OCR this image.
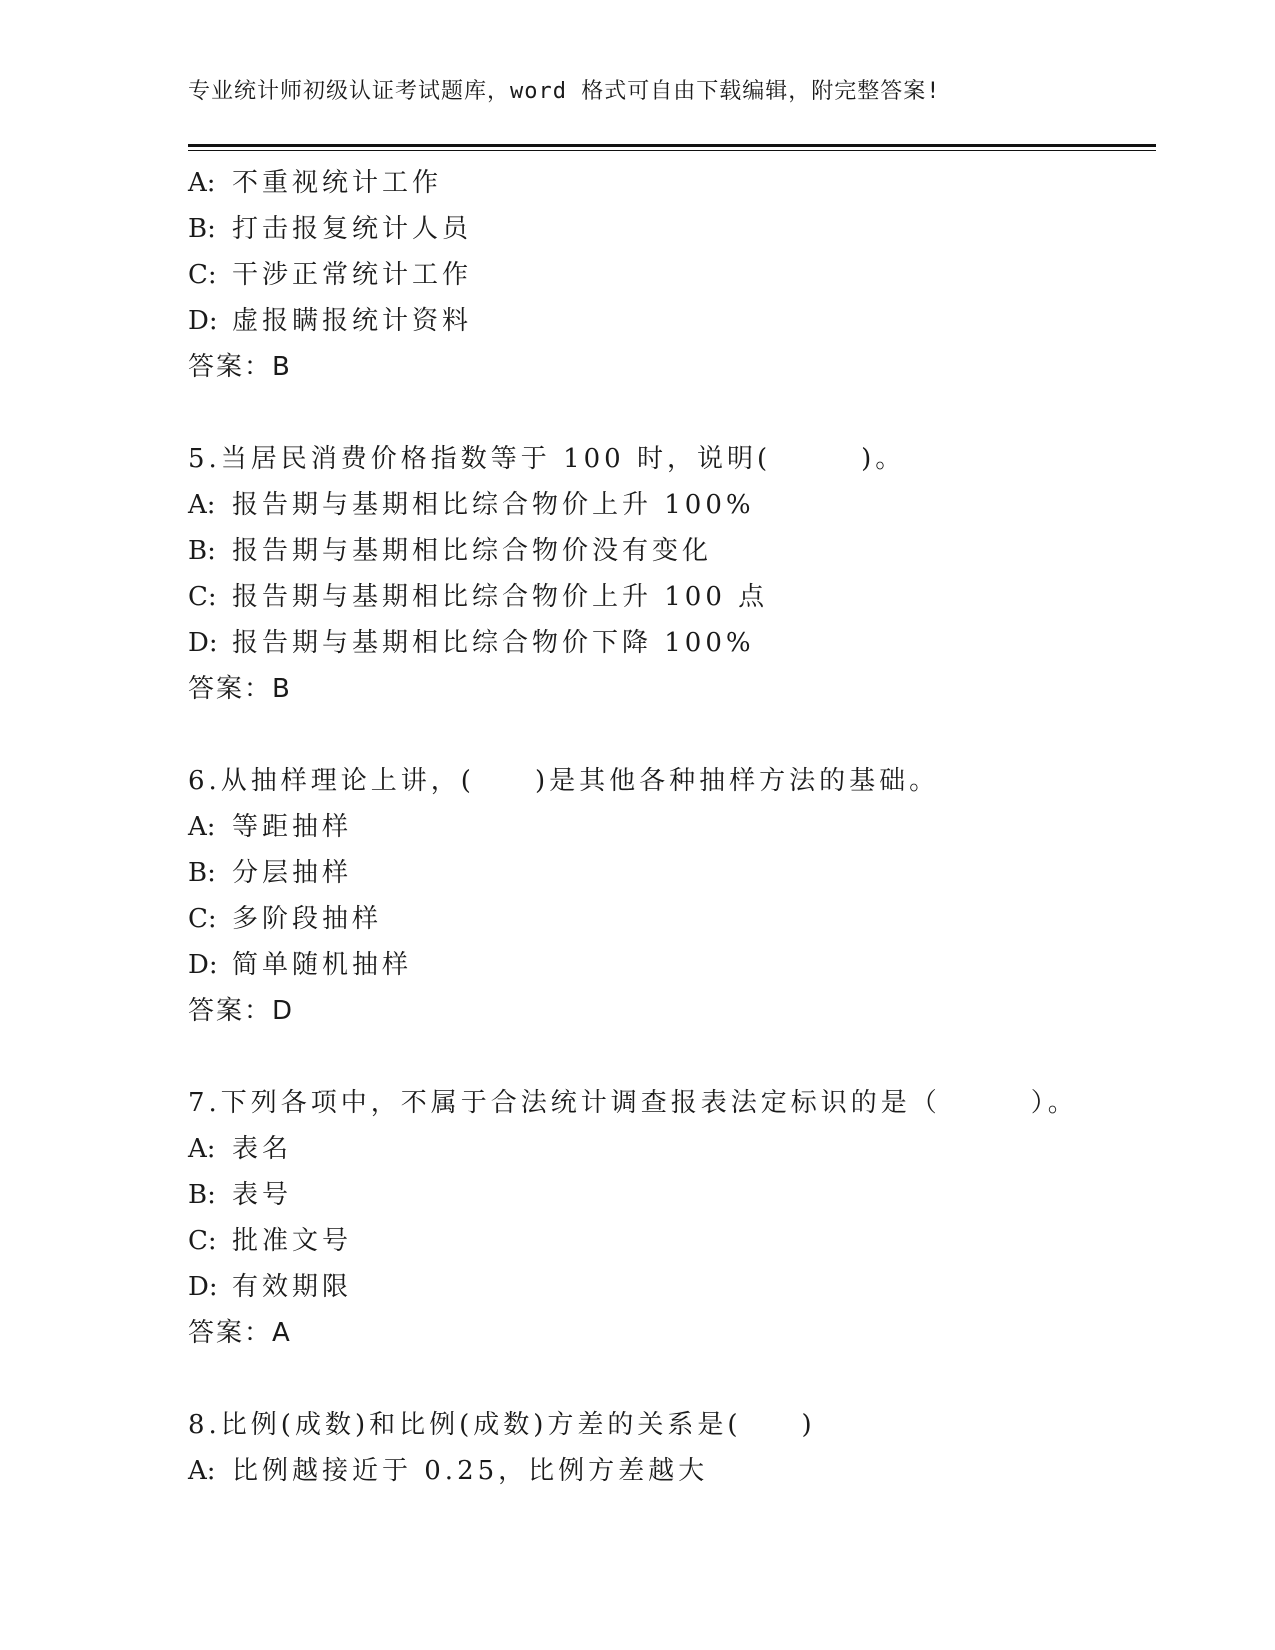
专业统计师初级认证考试题库，word 格式可自由下载编辑，附完整答案!
A: 不重视统计工作
B: 打击报复统计人员
C: 干涉正常统计工作
D: 虚报瞒报统计资料
答案：B
5.当居民消费价格指数等于 100 时，说明(　　　)。
A: 报告期与基期相比综合物价上升 100%
B: 报告期与基期相比综合物价没有变化
C: 报告期与基期相比综合物价上升 100 点
D: 报告期与基期相比综合物价下降 100%
答案：B
6.从抽样理论上讲，(　　)是其他各种抽样方法的基础。
A: 等距抽样
B: 分层抽样
C: 多阶段抽样
D: 简单随机抽样
答案：D
7.下列各项中，不属于合法统计调查报表法定标识的是（　　　）。
A: 表名
B: 表号
C: 批准文号
D: 有效期限
答案：A
8.比例(成数)和比例(成数)方差的关系是(　　)
A: 比例越接近于 0.25，比例方差越大
